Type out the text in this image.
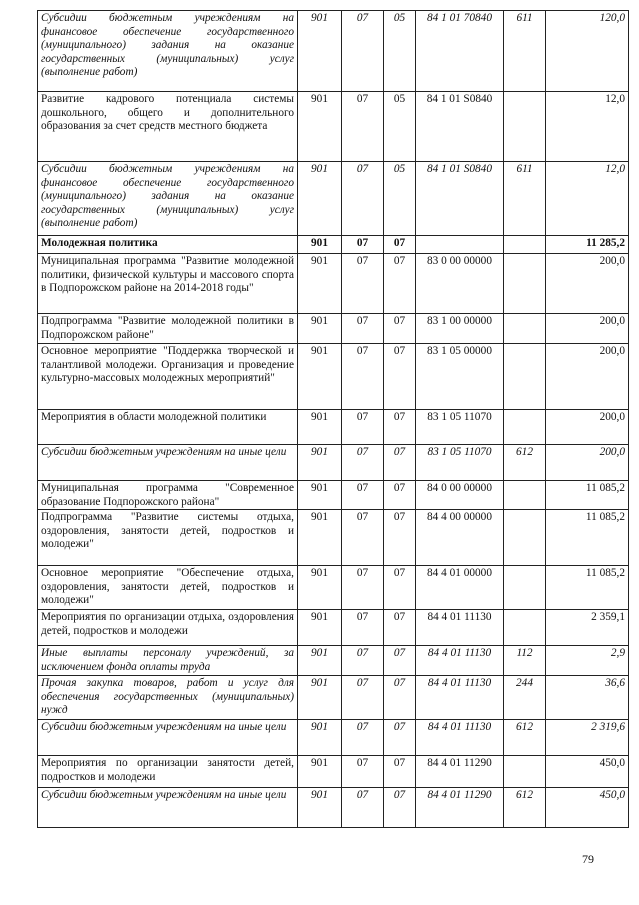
Субсидии бюджетным учреждениям на финансовое обеспечение государственного (муниципального) задания на оказание государственных (муниципальных) услуг (выполнение работ)	901	07	05	84 1 01 70840	611	120,0
Развитие кадрового потенциала системы дошкольного, общего и дополнительного образования за счет средств местного бюджета	901	07	05	84 1 01 S0840		12,0
Субсидии бюджетным учреждениям на финансовое обеспечение государственного (муниципального) задания на оказание государственных (муниципальных) услуг (выполнение работ)	901	07	05	84 1 01 S0840	611	12,0
Молодежная политика	901	07	07			11 285,2
Муниципальная программа "Развитие молодежной политики, физической культуры и массового спорта в Подпорожском районе на 2014-2018 годы"	901	07	07	83 0 00 00000		200,0
Подпрограмма "Развитие молодежной политики в Подпорожском районе"	901	07	07	83 1 00 00000		200,0
Основное мероприятие "Поддержка творческой и талантливой молодежи. Организация и проведение культурно-массовых молодежных мероприятий"	901	07	07	83 1 05 00000		200,0
Мероприятия в области молодежной политики	901	07	07	83 1 05 11070		200,0
Субсидии бюджетным учреждениям на иные цели	901	07	07	83 1 05 11070	612	200,0
Муниципальная программа "Современное образование Подпорожского района"	901	07	07	84 0 00 00000		11 085,2
Подпрограмма "Развитие системы отдыха, оздоровления, занятости детей, подростков и молодежи"	901	07	07	84 4 00 00000		11 085,2
Основное мероприятие "Обеспечение отдыха, оздоровления, занятости детей, подростков и молодежи"	901	07	07	84 4 01 00000		11 085,2
Мероприятия по организации отдыха, оздоровления детей, подростков и молодежи	901	07	07	84 4 01 11130		2 359,1
Иные выплаты персоналу учреждений, за исключением фонда оплаты труда	901	07	07	84 4 01 11130	112	2,9
Прочая закупка товаров, работ и услуг для обеспечения государственных (муниципальных) нужд	901	07	07	84 4 01 11130	244	36,6
Субсидии бюджетным учреждениям на иные цели	901	07	07	84 4 01 11130	612	2 319,6
Мероприятия по организации занятости детей, подростков и молодежи	901	07	07	84 4 01 11290		450,0
Субсидии бюджетным учреждениям на иные цели	901	07	07	84 4 01 11290	612	450,0
79
